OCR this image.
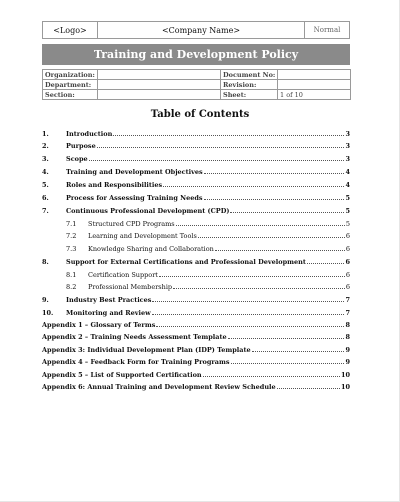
<Logo>	<Company Name>	Normal
Training and Development Policy
Organization:		Document No:	
Department:		Revision:	
Section:		Sheet:	1 of 10
Table of Contents
1.	Introduction	3
2.	Purpose	3
3.	Scope	3
4.	Training and Development Objectives	4
5.	Roles and Responsibilities	4
6.	Process for Assessing Training Needs	5
7.	Continuous Professional Development (CPD)	5
7.1	Structured CPD Programs	5
7.2	Learning and Development Tools	6
7.3	Knowledge Sharing and Collaboration	6
8.	Support for External Certifications and Professional Development	6
8.1	Certification Support	6
8.2	Professional Membership	6
9.	Industry Best Practices	7
10.	Monitoring and Review	7
Appendix 1 – Glossary of Terms	8
Appendix 2 – Training Needs Assessment Template	8
Appendix 3: Individual Development Plan (IDP) Template	9
Appendix 4 – Feedback Form for Training Programs	9
Appendix 5 – List of Supported Certification	10
Appendix 6: Annual Training and Development Review Schedule	10
